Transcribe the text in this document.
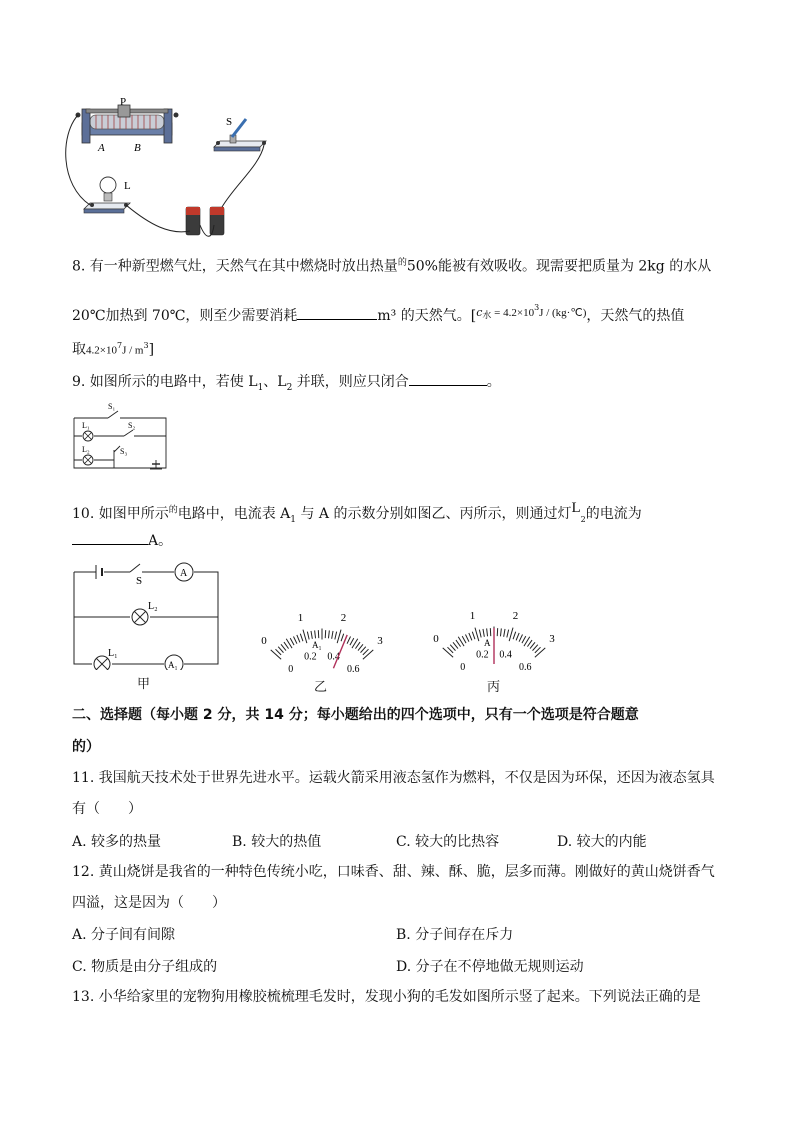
P
A	B
L
S
8. 有一种新型燃气灶，天然气在其中燃烧时放出热量$^的$50%能被有效吸收。现需要把质量为 2kg 的水从
20℃加热到 70℃，则至少需要消耗	m³ 的天然气。[$^c_水$ $^{= 4.2\times 103J / (kg\cdot℃)}$，天然气的热值
取$4.2\times 10^7J / m^3$]
9. 如图所示的电路中，若使 $L_1$、$L_2$ 并联，则应只闭合	。
S₁
S₂
S₃
L₁
L₂
10. 如图甲所示$^的$电路中，电流表 $A_1$ 与 A 的示数分别如图乙、丙所示，则通过灯$L_2$的电流为
A。
S
A
L₂
L₁
A₁
甲
0
1	2
3
0
0.2 0.4
0.6
A₁
乙
0
1	2
3
0
0.2 0.4
0.6
A
丙
二、选择题（每小题 2 分，共 14 分；每小题给出的四个选项中，只有一个选项是符合题意
的）
11. 我国航天技术处于世界先进水平。运载火箭采用液态氢作为燃料，不仅是因为环保，还因为液态氢具
有（　　）
A. 较多的热量	B. 较大的热值	C. 较大的比热容	D. 较大的内能
12. 黄山烧饼是我省的一种特色传统小吃，口味香、甜、辣、酥、脆，层多而薄。刚做好的黄山烧饼香气
四溢，这是因为（　　）
A. 分子间有间隙	B. 分子间存在斥力
C. 物质是由分子组成的	D. 分子在不停地做无规则运动
13. 小华给家里的宠物狗用橡胶梳梳理毛发时，发现小狗的毛发如图所示竖了起来。下列说法正确的是
